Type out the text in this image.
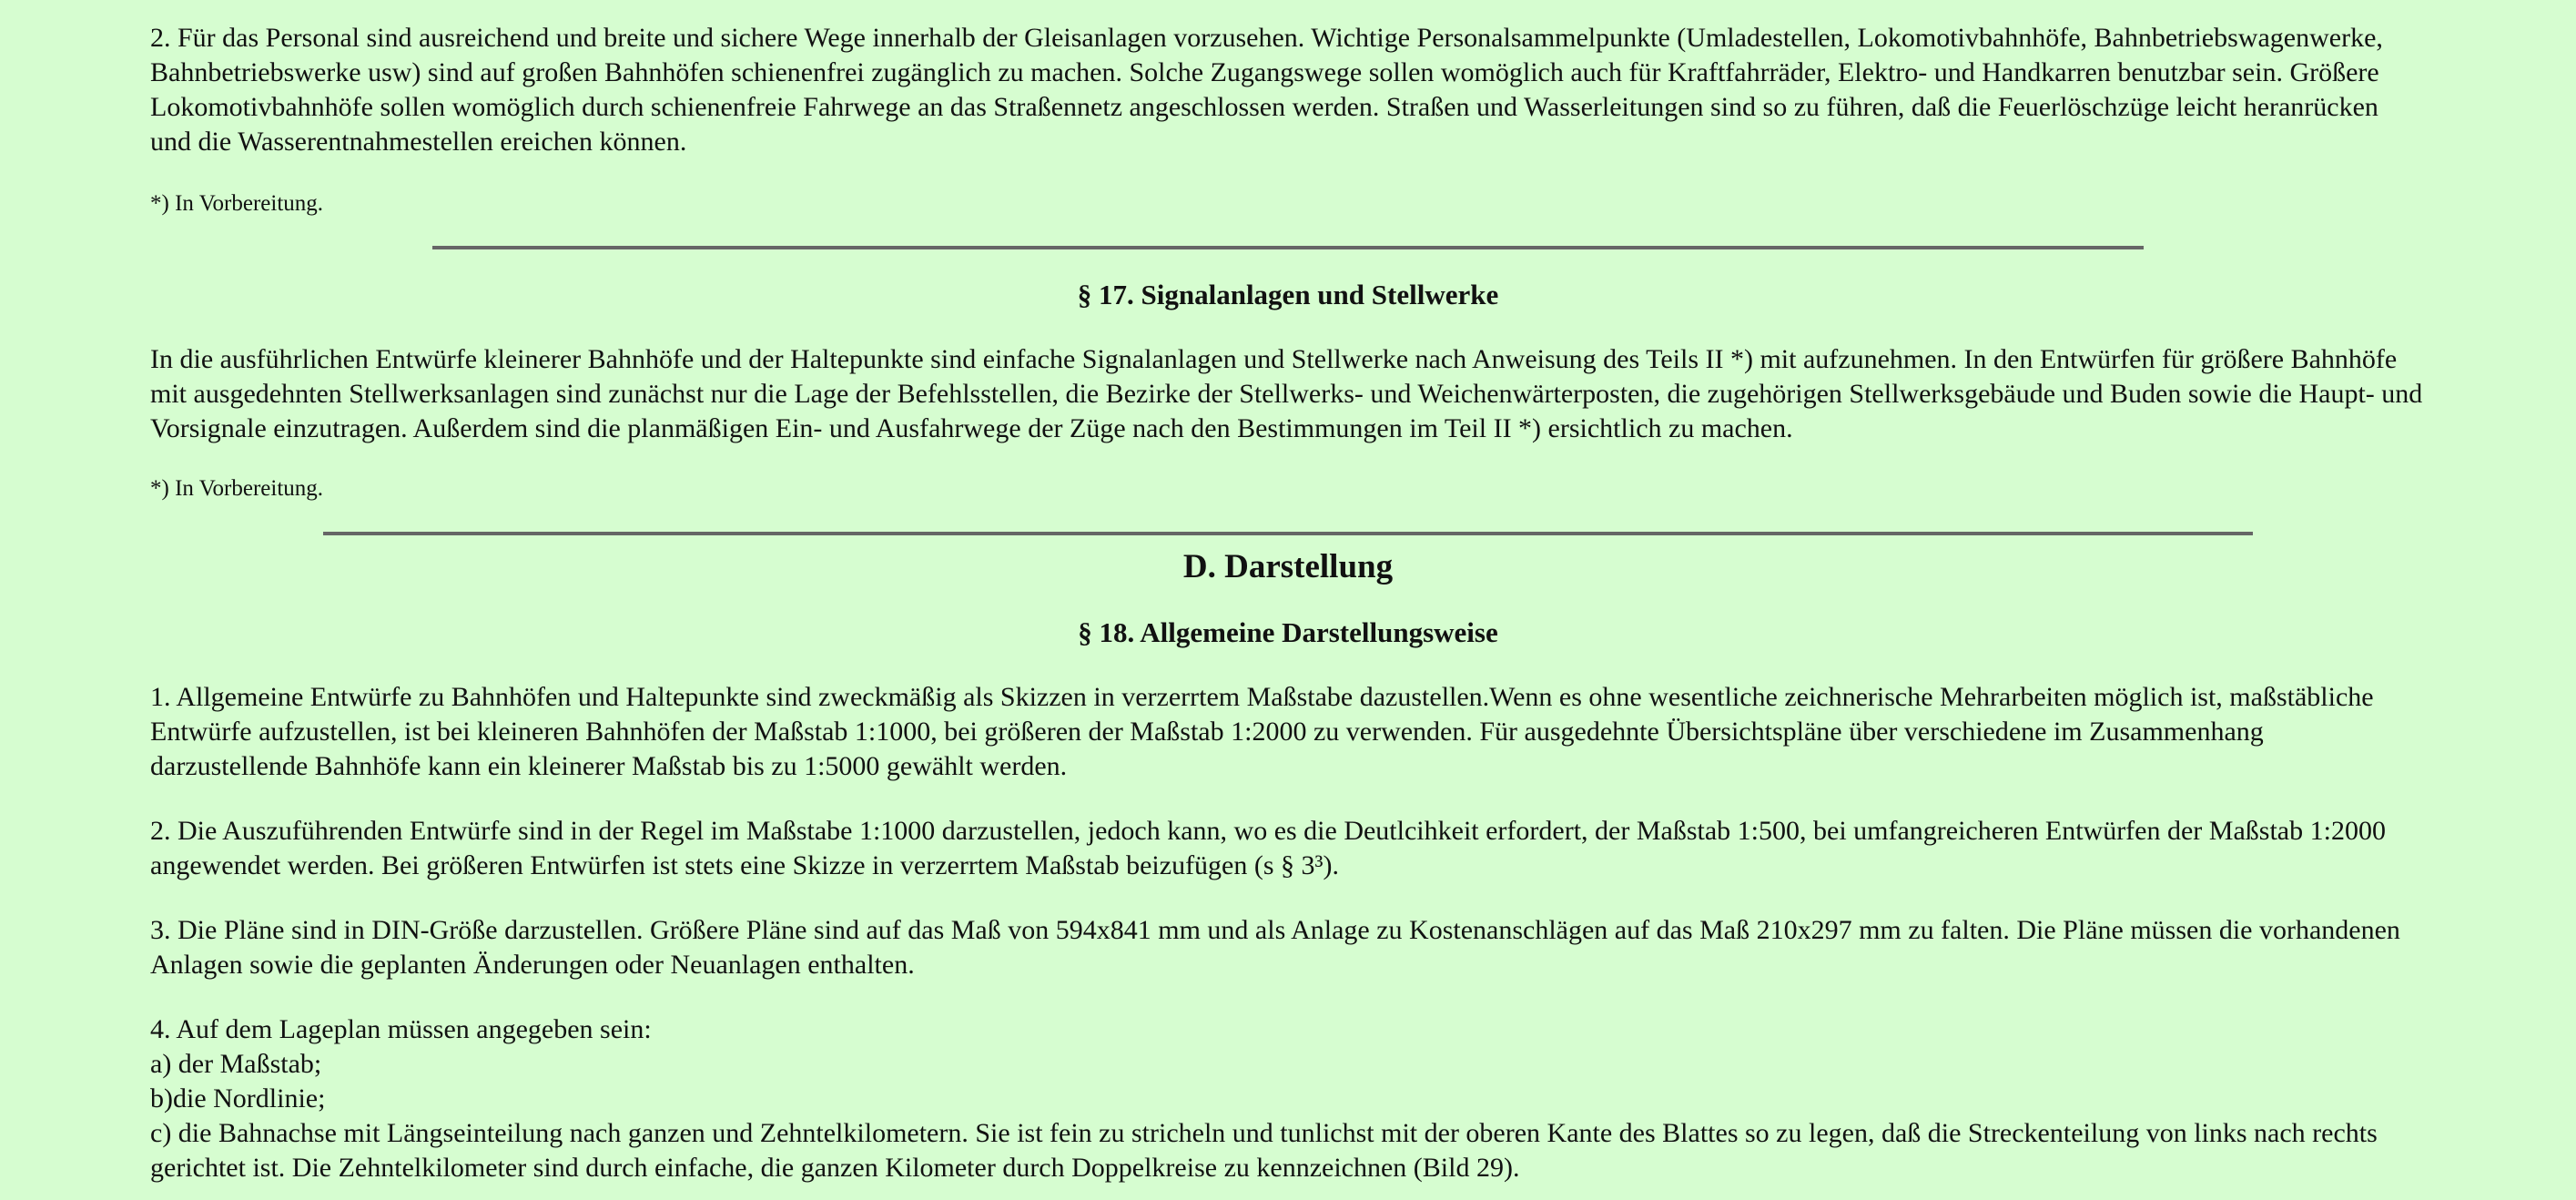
2. Für das Personal sind ausreichend und breite und sichere Wege innerhalb der Gleisanlagen vorzusehen. Wichtige Personalsammelpunkte (Umladestellen, Lokomotivbahnhöfe, Bahnbetriebswagenwerke, Bahnbetriebswerke usw) sind auf großen Bahnhöfen schienenfrei zugänglich zu machen. Solche Zugangswege sollen womöglich auch für Kraftfahrräder, Elektro- und Handkarren benutzbar sein. Größere Lokomotivbahnhöfe sollen womöglich durch schienenfreie Fahrwege an das Straßennetz angeschlossen werden. Straßen und Wasserleitungen sind so zu führen, daß die Feuerlöschzüge leicht heranrücken und die Wasserentnahmestellen ereichen können.

*) In Vorbereitung.

§ 17. Signalanlagen und Stellwerke

In die ausführlichen Entwürfe kleinerer Bahnhöfe und der Haltepunkte sind einfache Signalanlagen und Stellwerke nach Anweisung des Teils II *) mit aufzunehmen. In den Entwürfen für größere Bahnhöfe mit ausgedehnten Stellwerksanlagen sind zunächst nur die Lage der Befehlsstellen, die Bezirke der Stellwerks- und Weichenwärterposten, die zugehörigen Stellwerksgebäude und Buden sowie die Haupt- und Vorsignale einzutragen. Außerdem sind die planmäßigen Ein- und Ausfahrwege der Züge nach den Bestimmungen im Teil II *) ersichtlich zu machen.

*) In Vorbereitung.

D. Darstellung
§ 18. Allgemeine Darstellungsweise

1. Allgemeine Entwürfe zu Bahnhöfen und Haltepunkte sind zweckmäßig als Skizzen in verzerrtem Maßstabe dazustellen.Wenn es ohne wesentliche zeichnerische Mehrarbeiten möglich ist, maßstäbliche Entwürfe aufzustellen, ist bei kleineren Bahnhöfen der Maßstab 1:1000, bei größeren der Maßstab 1:2000 zu verwenden. Für ausgedehnte Übersichtspläne über verschiedene im Zusammenhang darzustellende Bahnhöfe kann ein kleinerer Maßstab bis zu 1:5000 gewählt werden.

2. Die Auszuführenden Entwürfe sind in der Regel im Maßstabe 1:1000 darzustellen, jedoch kann, wo es die Deutlcihkeit erfordert, der Maßstab 1:500, bei umfangreicheren Entwürfen der Maßstab 1:2000 angewendet werden. Bei größeren Entwürfen ist stets eine Skizze in verzerrtem Maßstab beizufügen (s § 3³).

3. Die Pläne sind in DIN-Größe darzustellen. Größere Pläne sind auf das Maß von 594x841 mm und als Anlage zu Kostenanschlägen auf das Maß 210x297 mm zu falten. Die Pläne müssen die vorhandenen Anlagen sowie die geplanten Änderungen oder Neuanlagen enthalten.

4. Auf dem Lageplan müssen angegeben sein:
a) der Maßstab;
b)die Nordlinie;
c) die Bahnachse mit Längseinteilung nach ganzen und Zehntelkilometern. Sie ist fein zu stricheln und tunlichst mit der oberen Kante des Blattes so zu legen, daß die Streckenteilung von links nach rechts gerichtet ist. Die Zehntelkilometer sind durch einfache, die ganzen Kilometer durch Doppelkreise zu kennzeichnen (Bild 29).
